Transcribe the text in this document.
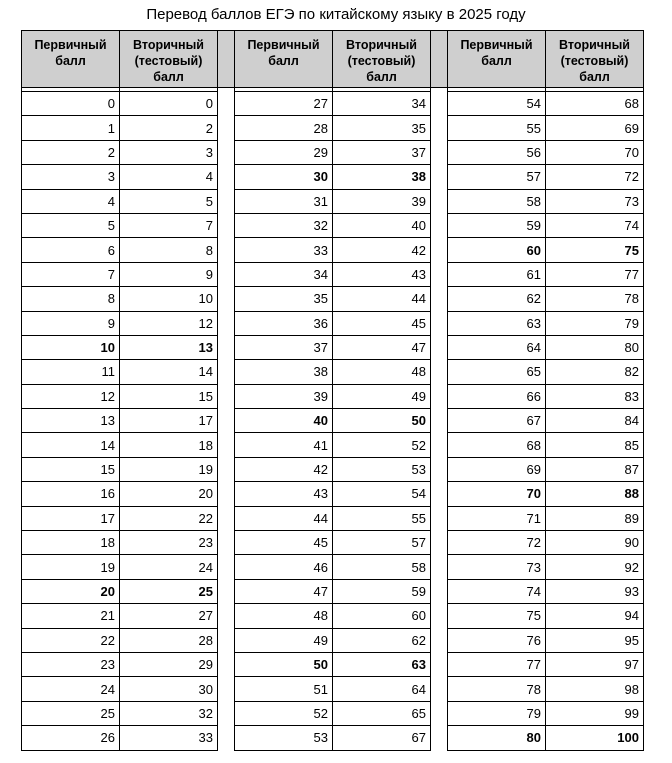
Перевод баллов ЕГЭ по китайскому языку в 2025 году
Первичный балл	Вторичный (тестовый) балл		Первичный балл	Вторичный (тестовый) балл		Первичный балл	Вторичный (тестовый) балл

0	0		27	34		54	68
1	2		28	35		55	69
2	3		29	37		56	70
3	4		30	38		57	72
4	5		31	39		58	73
5	7		32	40		59	74
6	8		33	42		60	75
7	9		34	43		61	77
8	10		35	44		62	78
9	12		36	45		63	79
10	13		37	47		64	80
11	14		38	48		65	82
12	15		39	49		66	83
13	17		40	50		67	84
14	18		41	52		68	85
15	19		42	53		69	87
16	20		43	54		70	88
17	22		44	55		71	89
18	23		45	57		72	90
19	24		46	58		73	92
20	25		47	59		74	93
21	27		48	60		75	94
22	28		49	62		76	95
23	29		50	63		77	97
24	30		51	64		78	98
25	32		52	65		79	99
26	33		53	67		80	100
